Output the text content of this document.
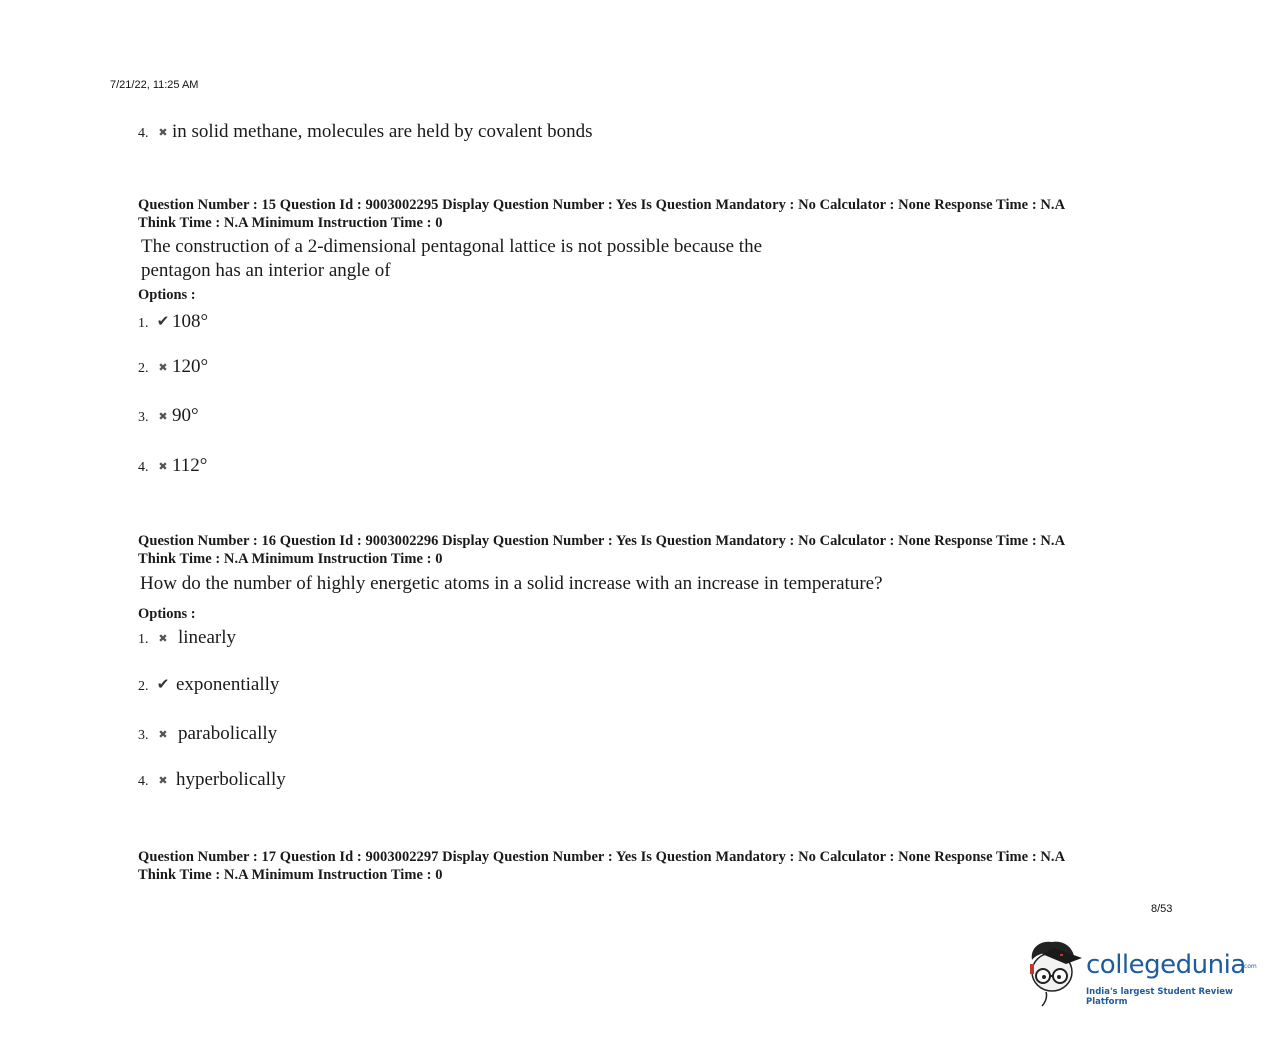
7/21/22, 11:25 AM
4. ✖ in solid methane, molecules are held by covalent bonds
Question Number : 15 Question Id : 9003002295 Display Question Number : Yes Is Question Mandatory : No Calculator : None Response Time : N.A
Think Time : N.A Minimum Instruction Time : 0
The construction of a 2-dimensional pentagonal lattice is not possible because the
pentagon has an interior angle of
Options :
1. ✔ 108°
2. ✖ 120°
3. ✖ 90°
4. ✖ 112°
Question Number : 16 Question Id : 9003002296 Display Question Number : Yes Is Question Mandatory : No Calculator : None Response Time : N.A
Think Time : N.A Minimum Instruction Time : 0
How do the number of highly energetic atoms in a solid increase with an increase in temperature?
Options :
1. ✖ linearly
2. ✔ exponentially
3. ✖ parabolically
4. ✖ hyperbolically
Question Number : 17 Question Id : 9003002297 Display Question Number : Yes Is Question Mandatory : No Calculator : None Response Time : N.A
Think Time : N.A Minimum Instruction Time : 0
8/53
collegedunia
.com
India's largest Student Review Platform
